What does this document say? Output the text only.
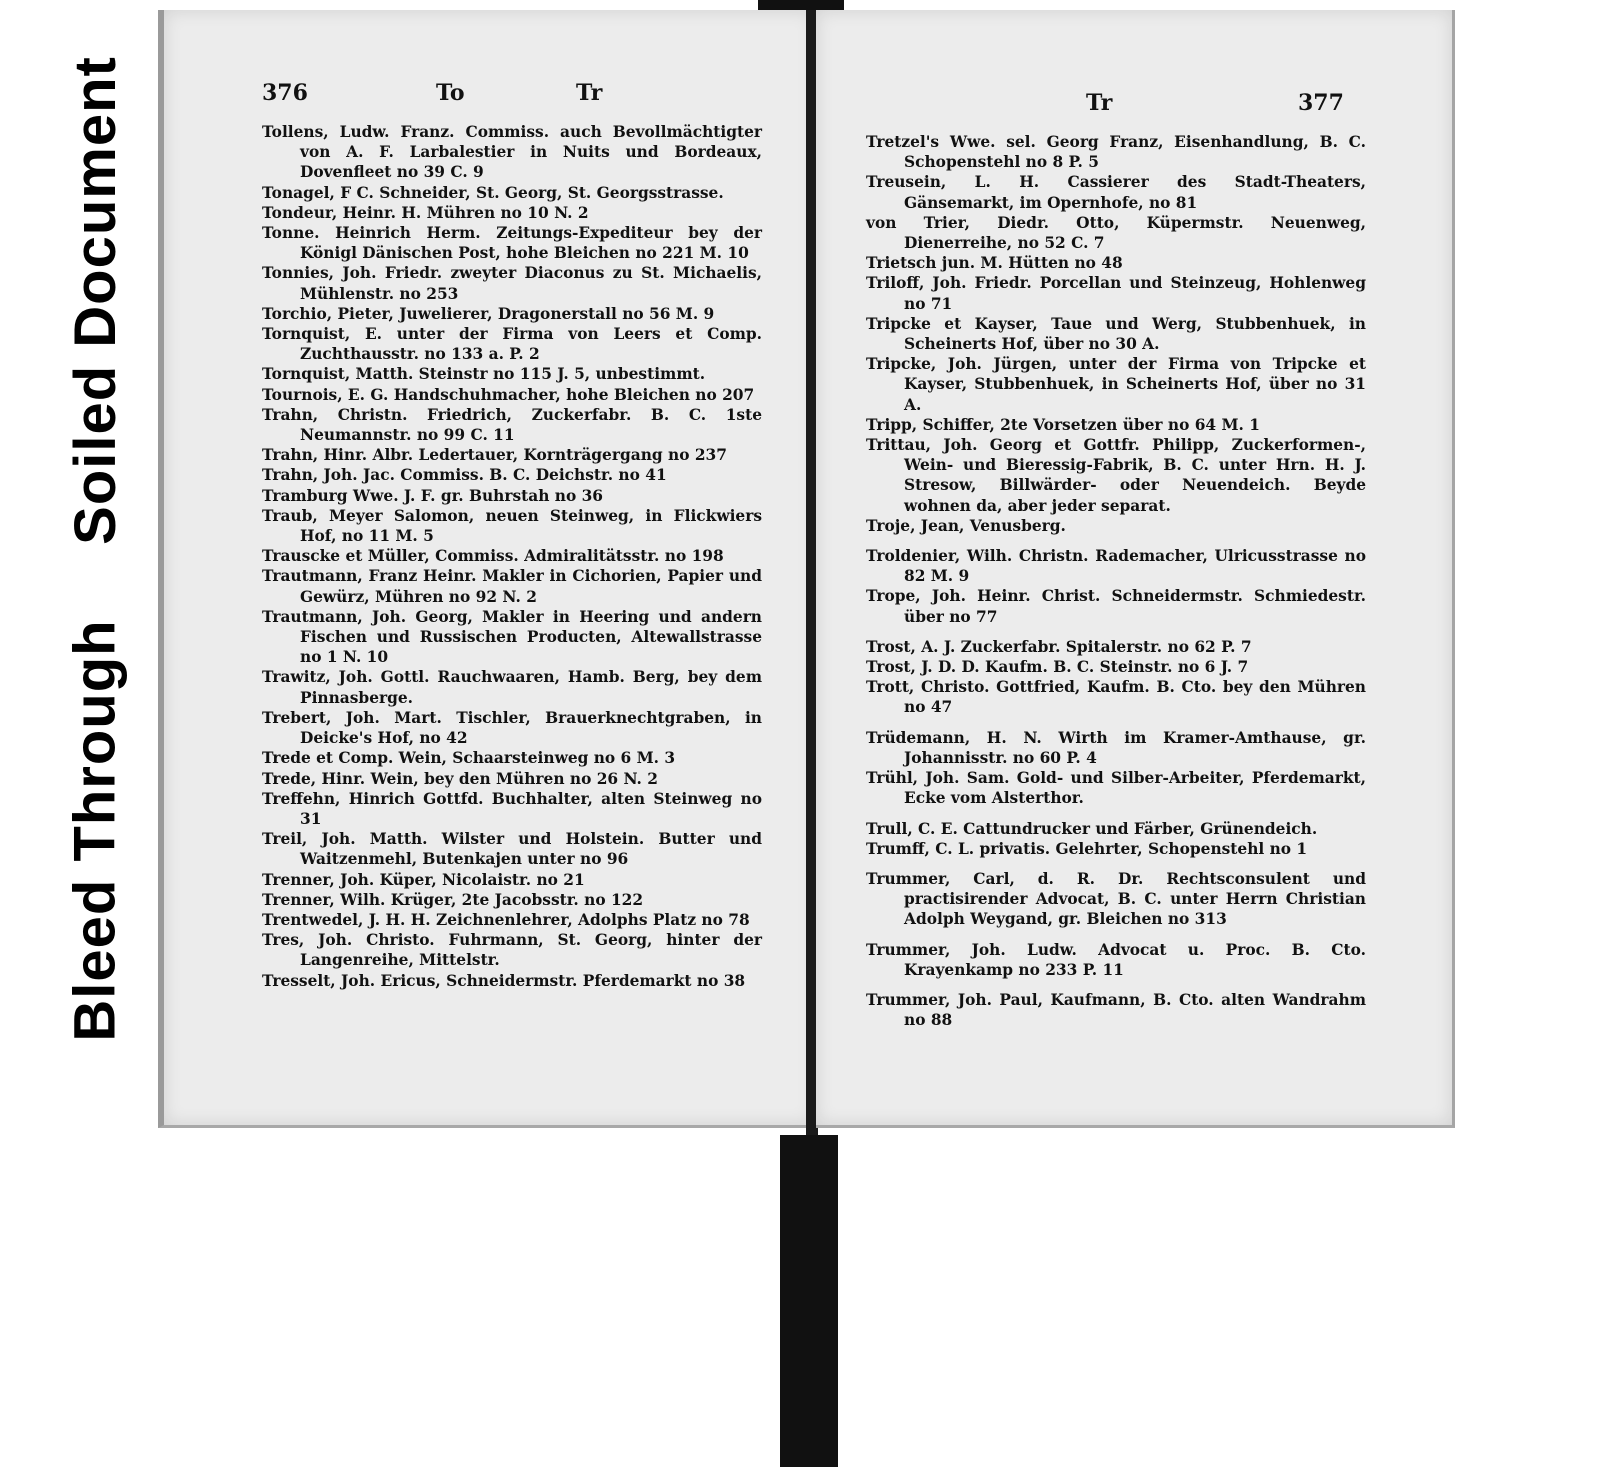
Soiled Document
Bleed Through
376	To	Tr
Tollens, Ludw. Franz. Commiss. auch Bevollmächtigter von A. F. Larbalestier in Nuits und Bordeaux, Dovenfleet no 39 C. 9
Tonagel, F C. Schneider, St. Georg, St. Georgsstrasse.
Tondeur, Heinr. H. Mühren no 10 N. 2
Tonne. Heinrich Herm. Zeitungs-Expediteur bey der Königl Dänischen Post, hohe Bleichen no 221 M. 10
Tonnies, Joh. Friedr. zweyter Diaconus zu St. Michaelis, Mühlenstr. no 253
Torchio, Pieter, Juwelierer, Dragonerstall no 56 M. 9
Tornquist, E. unter der Firma von Leers et Comp. Zuchthausstr. no 133 a. P. 2
Tornquist, Matth. Steinstr no 115 J. 5, unbestimmt.
Tournois, E. G. Handschuhmacher, hohe Bleichen no 207
Trahn, Christn. Friedrich, Zuckerfabr. B. C. 1ste Neumannstr. no 99 C. 11
Trahn, Hinr. Albr. Ledertauer, Kornträgergang no 237
Trahn, Joh. Jac. Commiss. B. C. Deichstr. no 41
Tramburg Wwe. J. F. gr. Buhrstah no 36
Traub, Meyer Salomon, neuen Steinweg, in Flickwiers Hof, no 11 M. 5
Trauscke et Müller, Commiss. Admiralitätsstr. no 198
Trautmann, Franz Heinr. Makler in Cichorien, Papier und Gewürz, Mühren no 92 N. 2
Trautmann, Joh. Georg, Makler in Heering und andern Fischen und Russischen Producten, Altewallstrasse no 1 N. 10
Trawitz, Joh. Gottl. Rauchwaaren, Hamb. Berg, bey dem Pinnasberge.
Trebert, Joh. Mart. Tischler, Brauerknechtgraben, in Deicke's Hof, no 42
Trede et Comp. Wein, Schaarsteinweg no 6 M. 3
Trede, Hinr. Wein, bey den Mühren no 26 N. 2
Treffehn, Hinrich Gottfd. Buchhalter, alten Steinweg no 31
Treil, Joh. Matth. Wilster und Holstein. Butter und Waitzenmehl, Butenkajen unter no 96
Trenner, Joh. Küper, Nicolaistr. no 21
Trenner, Wilh. Krüger, 2te Jacobsstr. no 122
Trentwedel, J. H. H. Zeichnenlehrer, Adolphs Platz no 78
Tres, Joh. Christo. Fuhrmann, St. Georg, hinter der Langenreihe, Mittelstr.
Tresselt, Joh. Ericus, Schneidermstr. Pferdemarkt no 38
Tr	377
Tretzel's Wwe. sel. Georg Franz, Eisenhandlung, B. C. Schopenstehl no 8 P. 5
Treusein, L. H. Cassierer des Stadt-Theaters, Gänsemarkt, im Opernhofe, no 81
von Trier, Diedr. Otto, Küpermstr. Neuenweg, Dienerreihe, no 52 C. 7
Trietsch jun. M. Hütten no 48
Triloff, Joh. Friedr. Porcellan und Steinzeug, Hohlenweg no 71
Tripcke et Kayser, Taue und Werg, Stubbenhuek, in Scheinerts Hof, über no 30 A.
Tripcke, Joh. Jürgen, unter der Firma von Tripcke et Kayser, Stubbenhuek, in Scheinerts Hof, über no 31 A.
Tripp, Schiffer, 2te Vorsetzen über no 64 M. 1
Trittau, Joh. Georg et Gottfr. Philipp, Zuckerformen-, Wein- und Bieressig-Fabrik, B. C. unter Hrn. H. J. Stresow, Billwärder- oder Neuendeich. Beyde wohnen da, aber jeder separat.
Troje, Jean, Venusberg.
Troldenier, Wilh. Christn. Rademacher, Ulricusstrasse no 82 M. 9
Trope, Joh. Heinr. Christ. Schneidermstr. Schmiedestr. über no 77
Trost, A. J. Zuckerfabr. Spitalerstr. no 62 P. 7
Trost, J. D. D. Kaufm. B. C. Steinstr. no 6 J. 7
Trott, Christo. Gottfried, Kaufm. B. Cto. bey den Mühren no 47
Trüdemann, H. N. Wirth im Kramer-Amthause, gr. Johannisstr. no 60 P. 4
Trühl, Joh. Sam. Gold- und Silber-Arbeiter, Pferdemarkt, Ecke vom Alsterthor.
Trull, C. E. Cattundrucker und Färber, Grünendeich.
Trumff, C. L. privatis. Gelehrter, Schopenstehl no 1
Trummer, Carl, d. R. Dr. Rechtsconsulent und practisirender Advocat, B. C. unter Herrn Christian Adolph Weygand, gr. Bleichen no 313
Trummer, Joh. Ludw. Advocat u. Proc. B. Cto. Krayenkamp no 233 P. 11
Trummer, Joh. Paul, Kaufmann, B. Cto. alten Wandrahm no 88
